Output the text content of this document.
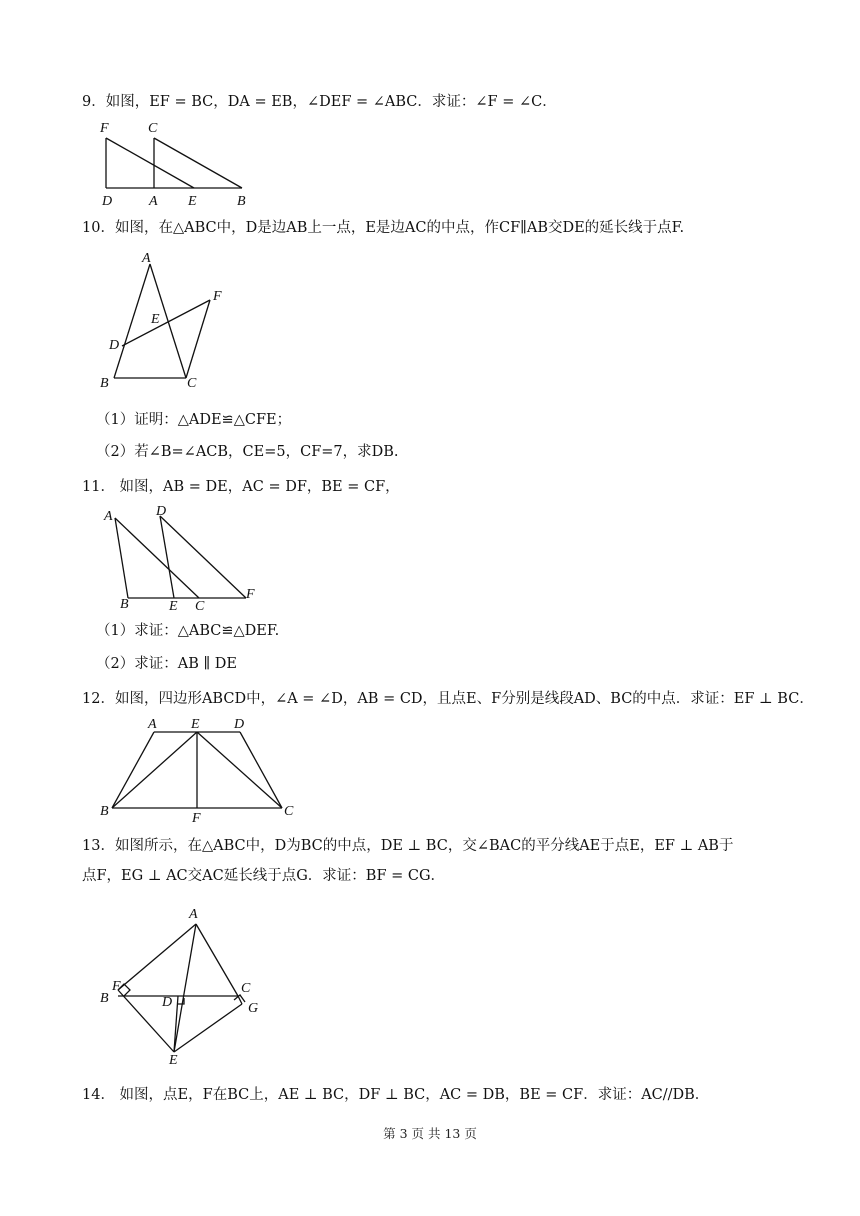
9．如图，EF = BC，DA = EB，∠DEF = ∠ABC．求证：∠F = ∠C．
F	C
D	A E	B
10．如图，在△ABC中，D是边AB上一点，E是边AC的中点，作CF∥AB交DE的延长线于点F.
A
F
E
D
B	C
（1）证明：△ADE≌△CFE；
（2）若∠B=∠ACB，CE=5，CF=7，求DB.
11． 如图，AB = DE，AC = DF，BE = CF，
A	D
B	E C
F
（1）求证：△ABC≌△DEF.
（2）求证：AB ∥ DE
12．如图，四边形ABCD中，∠A = ∠D，AB = CD，且点E、F分别是线段AD、BC的中点．求证：EF ⊥ BC．
A E D
B	F	C
13．如图所示，在△ABC中，D为BC的中点，DE ⊥ BC，交∠BAC的平分线AE于点E，EF ⊥ AB于
点F，EG ⊥ AC交AC延长线于点G．求证：BF = CG．
A
F
B	D
C
G
E
14． 如图，点E，F在BC上，AE ⊥ BC，DF ⊥ BC，AC = DB，BE = CF．求证：AC//DB．
第 3 页 共 13 页
